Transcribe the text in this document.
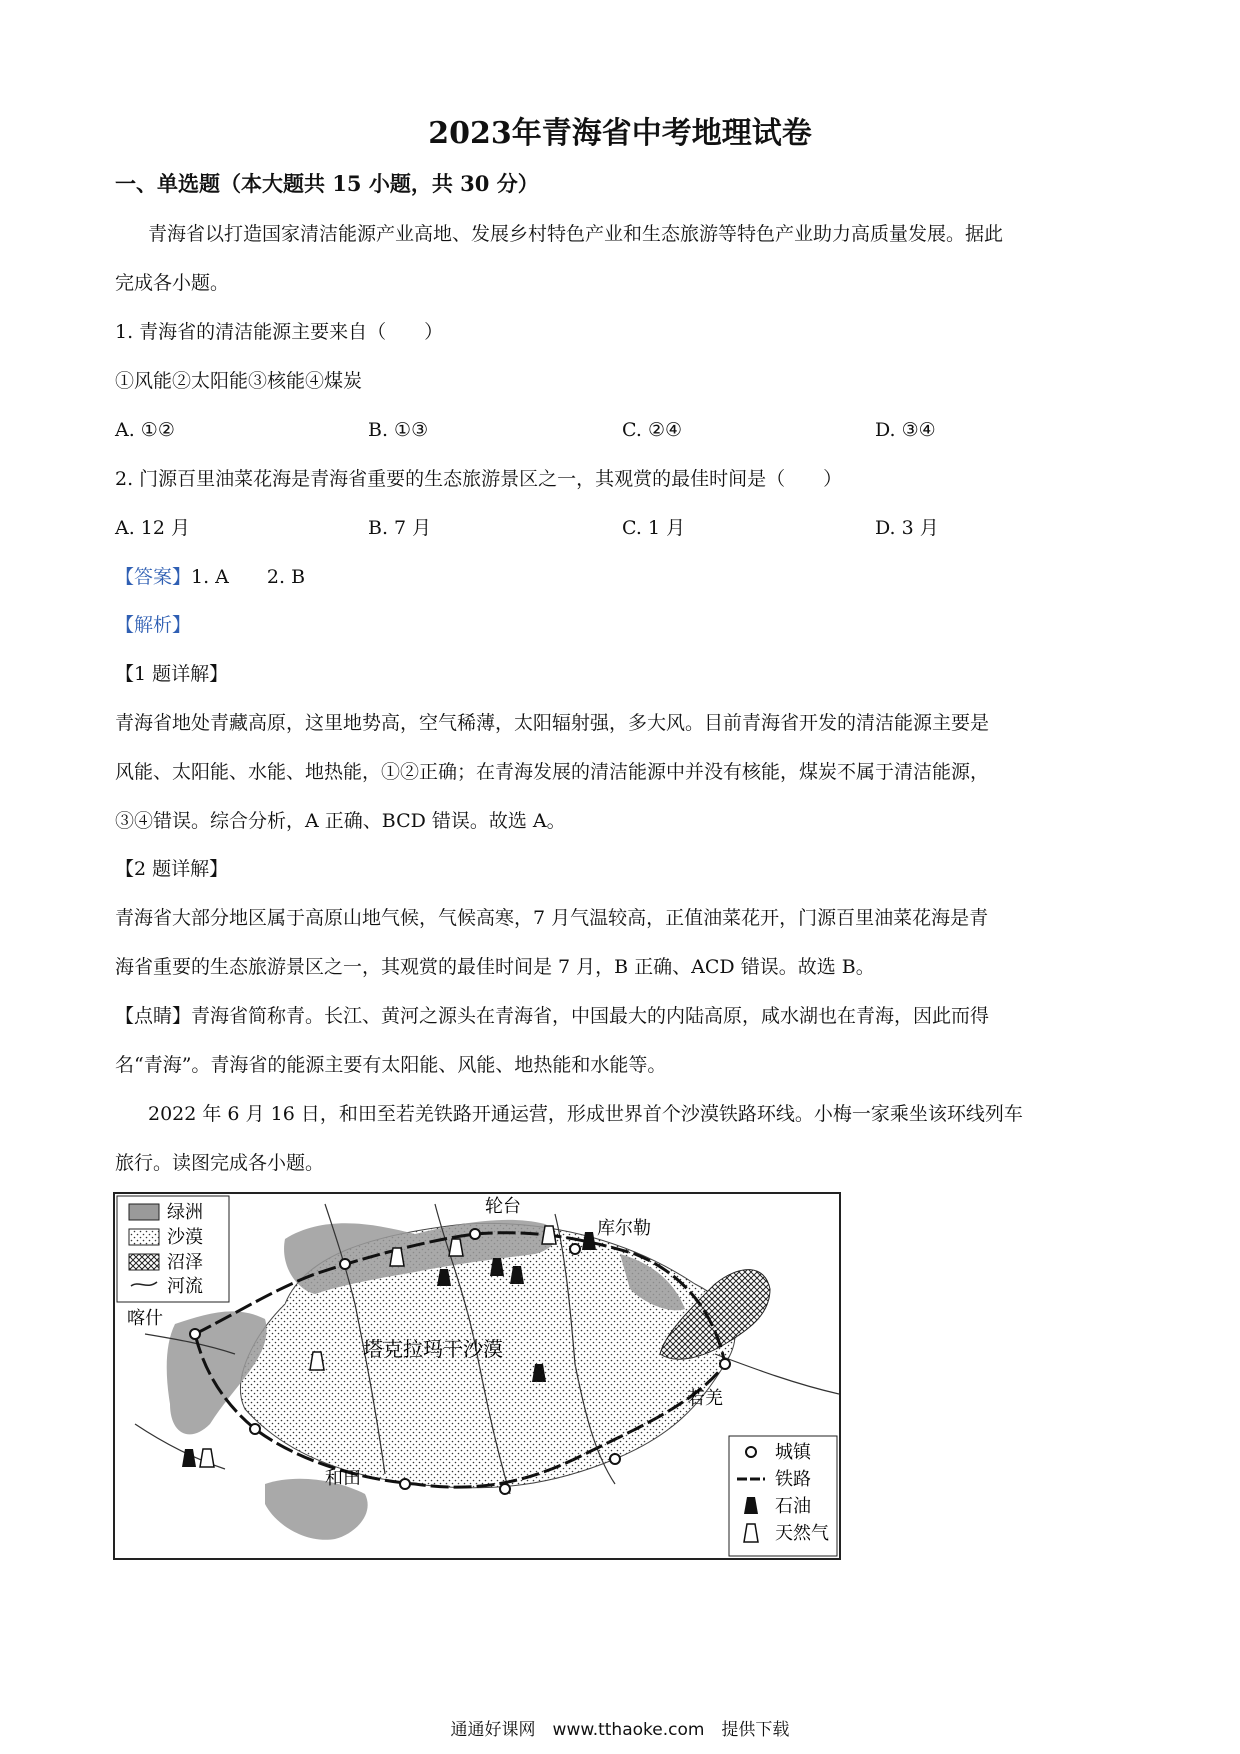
2023年青海省中考地理试卷
一、单选题（本大题共 15 小题，共 30 分）
青海省以打造国家清洁能源产业高地、发展乡村特色产业和生态旅游等特色产业助力高质量发展。据此
完成各小题。
1. 青海省的清洁能源主要来自（　　）
①风能②太阳能③核能④煤炭
A. ①②	B. ①③	C. ②④	D. ③④
2. 门源百里油菜花海是青海省重要的生态旅游景区之一，其观赏的最佳时间是（　　）
A. 12 月	B. 7 月	C. 1 月	D. 3 月
【答案】1. A　　2. B
【解析】
【1 题详解】
青海省地处青藏高原，这里地势高，空气稀薄，太阳辐射强，多大风。目前青海省开发的清洁能源主要是
风能、太阳能、水能、地热能，①②正确；在青海发展的清洁能源中并没有核能，煤炭不属于清洁能源，
③④错误。综合分析，A 正确、BCD 错误。故选 A。
【2 题详解】
青海省大部分地区属于高原山地气候，气候高寒，7 月气温较高，正值油菜花开，门源百里油菜花海是青
海省重要的生态旅游景区之一，其观赏的最佳时间是 7 月，B 正确、ACD 错误。故选 B。
【点睛】青海省简称青。长江、黄河之源头在青海省，中国最大的内陆高原，咸水湖也在青海，因此而得
名“青海”。青海省的能源主要有太阳能、风能、地热能和水能等。
2022 年 6 月 16 日，和田至若羌铁路开通运营，形成世界首个沙漠铁路环线。小梅一家乘坐该环线列车
旅行。读图完成各小题。
绿洲
沙漠
沼泽
河流
城镇
铁路
石油
天然气
轮台
库尔勒
喀什
塔克拉玛干沙漠
若羌
和田
通通好课网　www.tthaoke.com　提供下载
